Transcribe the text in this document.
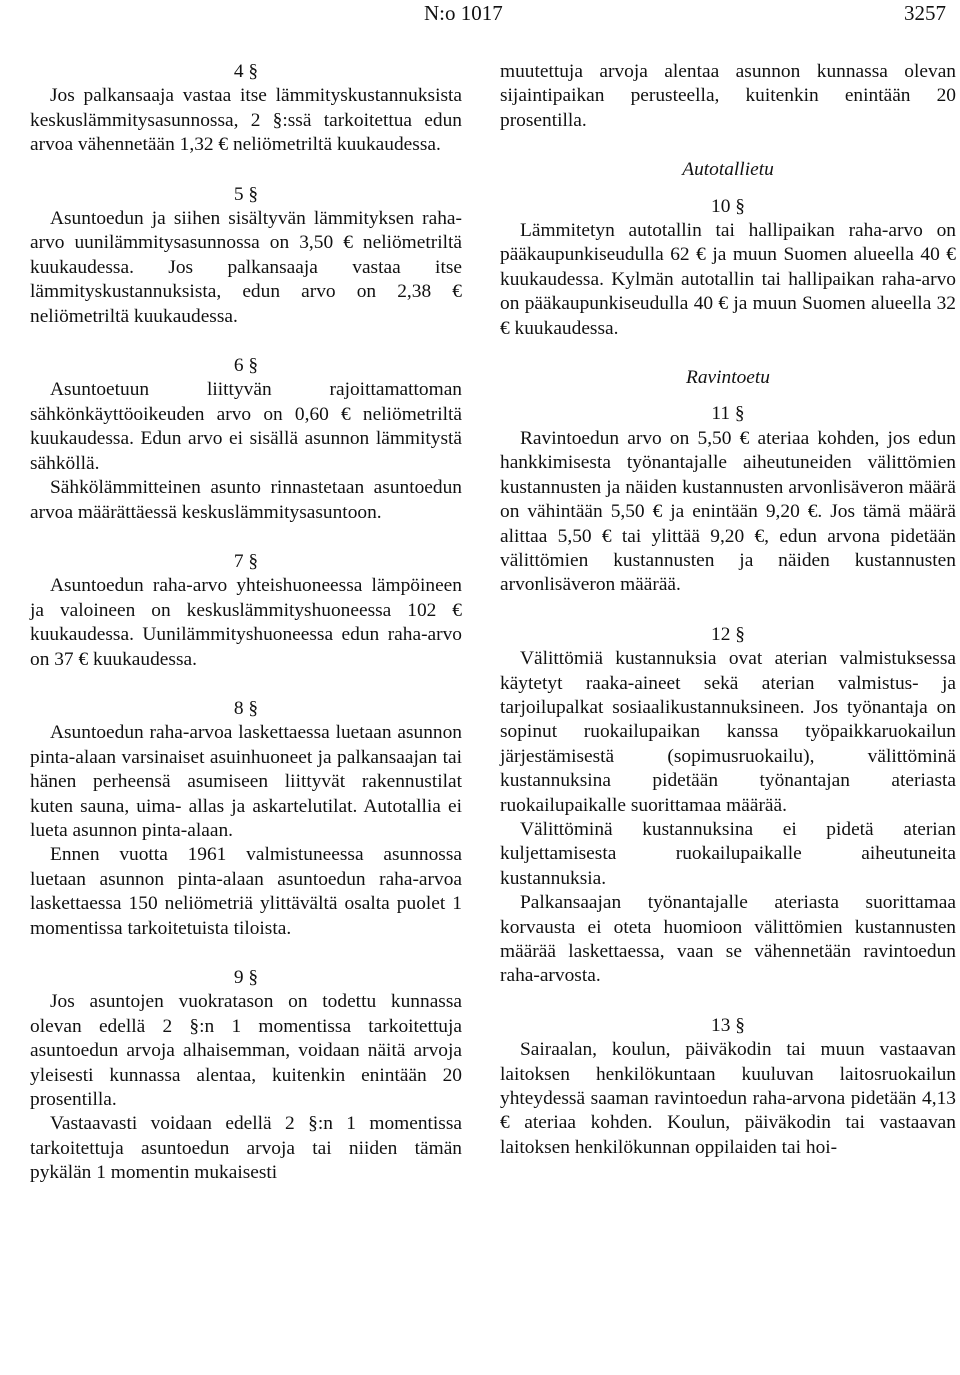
N:o 1017	3257

4 §

Jos palkansaaja vastaa itse lämmityskustannuksista keskuslämmitysasunnossa, 2 §:ssä tarkoitettua edun arvoa vähennetään 1,32 € neliömetriltä kuukaudessa.

5 §

Asuntoedun ja siihen sisältyvän lämmityksen raha-arvo uunilämmitysasunnossa on 3,50 € neliömetriltä kuukaudessa. Jos palkansaaja vastaa itse lämmityskustannuksista, edun arvo on 2,38 € neliömetriltä kuukaudessa.

6 §

Asuntoetuun liittyvän rajoittamattoman sähkönkäyttöoikeuden arvo on 0,60 € neliömetriltä kuukaudessa. Edun arvo ei sisällä asunnon lämmitystä sähköllä.

Sähkölämmitteinen asunto rinnastetaan asuntoedun arvoa määrättäessä keskuslämmitysasuntoon.

7 §

Asuntoedun raha-arvo yhteishuoneessa lämpöineen ja valoineen on keskuslämmityshuoneessa 102 € kuukaudessa. Uunilämmityshuoneessa edun raha-arvo on 37 € kuukaudessa.

8 §

Asuntoedun raha-arvoa laskettaessa luetaan asunnon pinta-alaan varsinaiset asuinhuoneet ja palkansaajan tai hänen perheensä asumiseen liittyvät rakennustilat kuten sauna, uima- allas ja askartelutilat. Autotallia ei lueta asunnon pinta-alaan.

Ennen vuotta 1961 valmistuneessa asunnossa luetaan asunnon pinta-alaan asuntoedun raha-arvoa laskettaessa 150 neliömetriä ylittävältä osalta puolet 1 momentissa tarkoitetuista tiloista.

9 §

Jos asuntojen vuokratason on todettu kunnassa olevan edellä 2 §:n 1 momentissa tarkoitettuja asuntoedun arvoja alhaisemman, voidaan näitä arvoja yleisesti kunnassa alentaa, kuitenkin enintään 20 prosentilla.

Vastaavasti voidaan edellä 2 §:n 1 momentissa tarkoitettuja asuntoedun arvoja tai niiden tämän pykälän 1 momentin mukaisesti

muutettuja arvoja alentaa asunnon kunnassa olevan sijaintipaikan perusteella, kuitenkin enintään 20 prosentilla.

Autotallietu

10 §

Lämmitetyn autotallin tai hallipaikan raha-arvo on pääkaupunkiseudulla 62 € ja muun Suomen alueella 40 € kuukaudessa. Kylmän autotallin tai hallipaikan raha-arvo on pääkaupunkiseudulla 40 € ja muun Suomen alueella 32 € kuukaudessa.

Ravintoetu

11 §

Ravintoedun arvo on 5,50 € ateriaa kohden, jos edun hankkimisesta työnantajalle aiheutuneiden välittömien kustannusten ja näiden kustannusten arvonlisäveron määrä on vähintään 5,50 € ja enintään 9,20 €. Jos tämä määrä alittaa 5,50 € tai ylittää 9,20 €, edun arvona pidetään välittömien kustannusten ja näiden kustannusten arvonlisäveron määrää.

12 §

Välittömiä kustannuksia ovat aterian valmistuksessa käytetyt raaka-aineet sekä aterian valmistus- ja tarjoilupalkat sosiaalikustannuksineen. Jos työnantaja on sopinut ruokailupaikan kanssa työpaikkaruokailun järjestämisestä (sopimusruokailu), välittöminä kustannuksina pidetään työnantajan ateriasta ruokailupaikalle suorittamaa määrää.

Välittöminä kustannuksina ei pidetä aterian kuljettamisesta ruokailupaikalle aiheutuneita kustannuksia.

Palkansaajan työnantajalle ateriasta suorittamaa korvausta ei oteta huomioon välittömien kustannusten määrää laskettaessa, vaan se vähennetään ravintoedun raha-arvosta.

13 §

Sairaalan, koulun, päiväkodin tai muun vastaavan laitoksen henkilökuntaan kuuluvan laitosruokailun yhteydessä saaman ravintoedun raha-arvona pidetään 4,13 € ateriaa kohden. Koulun, päiväkodin tai vastaavan laitoksen henkilökunnan oppilaiden tai hoi-
